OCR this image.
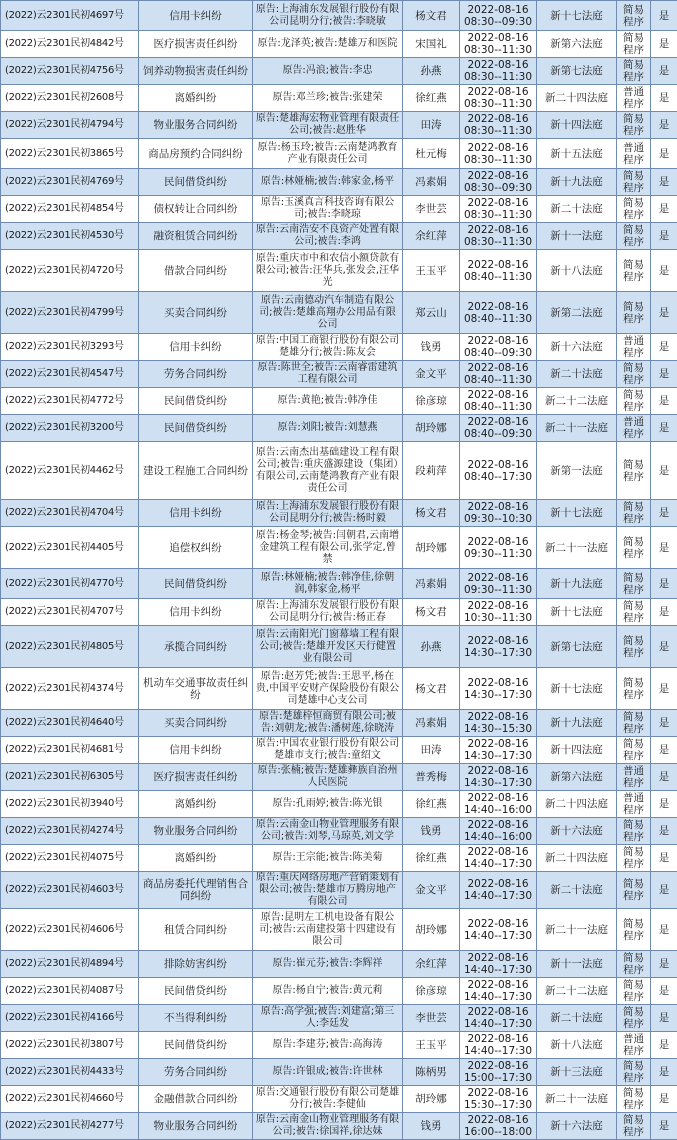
(2022)云2301民初4697号	信用卡纠纷	原告:上海浦东发展银行股份有限公司昆明分行;被告:李晓敏	杨文君	2022-08-16
08:30--09:30	新十七法庭	简易程序	是
(2022)云2301民初4842号	医疗损害责任纠纷	原告:龙泽英;被告:楚雄万和医院	宋国礼	2022-08-16
08:30--11:30	新第六法庭	简易程序	是
(2022)云2301民初4756号	饲养动物损害责任纠纷	原告:冯浪;被告:李忠	孙燕	2022-08-16
08:30--11:30	新第七法庭	简易程序	是
(2022)云2301民初2608号	离婚纠纷	原告:邓兰珍;被告:张建荣	徐红燕	2022-08-16
08:30--11:30	新二十四法庭	普通程序	是
(2022)云2301民初4794号	物业服务合同纠纷	原告:楚雄海宏物业管理有限责任公司;被告:赵胜华	田涛	2022-08-16
08:30--11:30	新十四法庭	简易程序	是
(2022)云2301民初3865号	商品房预约合同纠纷	原告:杨玉玲;被告:云南楚鸿教育产业有限责任公司	杜元梅	2022-08-16
08:30--11:30	新十五法庭	普通程序	是
(2022)云2301民初4769号	民间借贷纠纷	原告:林娅楠;被告:韩家金,杨平	冯素娟	2022-08-16
08:30--09:30	新十九法庭	简易程序	是
(2022)云2301民初4854号	债权转让合同纠纷	原告:玉溪真言科技咨询有限公司;被告:李晓琼	李世芸	2022-08-16
08:30--11:30	新二十法庭	简易程序	是
(2022)云2301民初4530号	融资租赁合同纠纷	原告:云南浩安不良资产处置有限公司;被告:李鸿	余红萍	2022-08-16
08:30--11:30	新十一法庭	简易程序	是
(2022)云2301民初4720号	借款合同纠纷	原告:重庆市中和农信小额贷款有限公司;被告:汪华兵,张发会,汪华光	王玉平	2022-08-16
08:40--11:30	新十八法庭	简易程序	是
(2022)云2301民初4799号	买卖合同纠纷	原告:云南德动汽车制造有限公司;被告:楚雄高翔办公用品有限公司	郑云山	2022-08-16
08:40--11:30	新第二法庭	简易程序	是
(2022)云2301民初3293号	信用卡纠纷	原告:中国工商银行股份有限公司楚雄分行;被告:陈友会	钱勇	2022-08-16
08:40--09:30	新十六法庭	普通程序	是
(2022)云2301民初4547号	劳务合同纠纷	原告:陈世全;被告:云南睿雷建筑工程有限公司	金文平	2022-08-16
08:40--11:30	新二十法庭	简易程序	是
(2022)云2301民初4772号	民间借贷纠纷	原告:黄艳;被告:韩净佳	徐彦琼	2022-08-16
08:40--11:30	新二十二法庭	简易程序	是
(2022)云2301民初3200号	民间借贷纠纷	原告:刘阳;被告:刘慧燕	胡玲娜	2022-08-16
08:40--09:30	新二十一法庭	普通程序	是
(2022)云2301民初4462号	建设工程施工合同纠纷	原告:云南杰出基础建设工程有限公司;被告:重庆盛源建设（集团）有限公司,云南楚鸿教育产业有限责任公司	段莉萍	2022-08-16
08:40--17:30	新第一法庭	简易程序	是
(2022)云2301民初4704号	信用卡纠纷	原告:上海浦东发展银行股份有限公司昆明分行;被告:杨时毅	杨文君	2022-08-16
09:30--10:30	新十七法庭	简易程序	是
(2022)云2301民初4405号	追偿权纠纷	原告:杨金琴;被告:闫朝君,云南增金建筑工程有限公司,张学定,曾禁	胡玲娜	2022-08-16
09:30--11:30	新二十一法庭	简易程序	是
(2022)云2301民初4770号	民间借贷纠纷	原告:林娅楠;被告:韩净佳,徐朝润,韩家金,杨平	冯素娟	2022-08-16
09:30--11:30	新十九法庭	简易程序	是
(2022)云2301民初4707号	信用卡纠纷	原告:上海浦东发展银行股份有限公司昆明分行;被告:杨正春	杨文君	2022-08-16
10:30--11:30	新十七法庭	简易程序	是
(2022)云2301民初4805号	承揽合同纠纷	原告:云南阳光门窗幕墙工程有限公司;被告:楚雄开发区天行健置业有限公司	孙燕	2022-08-16
14:30--17:30	新第七法庭	简易程序	是
(2022)云2301民初4374号	机动车交通事故责任纠纷	原告:赵芳凭;被告:王思平,杨在贵,中国平安财产保险股份有限公司楚雄中心支公司	杨文君	2022-08-16
14:30--17:30	新十七法庭	简易程序	是
(2022)云2301民初4640号	买卖合同纠纷	原告:楚雄梓恒商贸有限公司;被告:刘朝龙;被告:潘树莲,徐晓涛	冯素娟	2022-08-16
14:30--15:30	新十九法庭	简易程序	是
(2022)云2301民初4681号	信用卡纠纷	原告:中国农业银行股份有限公司楚雄市支行;被告:童绍文	田涛	2022-08-16
14:30--17:30	新十四法庭	简易程序	是
(2021)云2301民初6305号	医疗损害责任纠纷	原告:张楠;被告:楚雄彝族自治州人民医院	普秀梅	2022-08-16
14:30--17:30	新第六法庭	普通程序	是
(2022)云2301民初3940号	离婚纠纷	原告:孔雨婷;被告:陈光银	徐红燕	2022-08-16
14:40--16:00	新二十四法庭	普通程序	是
(2022)云2301民初4274号	物业服务合同纠纷	原告:云南金山物业管理服务有限公司;被告:刘琴,马琼英,刘文学	钱勇	2022-08-16
14:40--16:00	新十六法庭	简易程序	是
(2022)云2301民初4075号	离婚纠纷	原告:王宗能;被告:陈美菊	徐红燕	2022-08-16
14:40--17:30	新二十四法庭	简易程序	是
(2022)云2301民初4603号	商品房委托代理销售合同纠纷	原告:重庆网络房地产营销策划有限公司;被告:楚雄市万腾房地产有限公司	金文平	2022-08-16
14:40--17:30	新二十法庭	简易程序	是
(2022)云2301民初4606号	租赁合同纠纷	原告:昆明左工机电设备有限公司;被告:云南建投第十四建设有限公司	胡玲娜	2022-08-16
14:40--17:30	新二十一法庭	简易程序	是
(2022)云2301民初4894号	排除妨害纠纷	原告:崔元芬;被告:李辉祥	余红萍	2022-08-16
14:40--17:30	新十一法庭	简易程序	是
(2022)云2301民初4087号	民间借贷纠纷	原告:杨自宁;被告:黄元莉	徐彦琼	2022-08-16
14:40--17:30	新二十二法庭	简易程序	是
(2022)云2301民初4166号	不当得利纠纷	原告:高学强;被告:刘建富;第三人:李廷发	李世芸	2022-08-16
14:40--17:30	新二十法庭	简易程序	是
(2022)云2301民初3807号	民间借贷纠纷	原告:李建芬;被告:高海涛	王玉平	2022-08-16
14:40--17:30	新十八法庭	普通程序	是
(2022)云2301民初4433号	劳务合同纠纷	原告:许银成;被告:许世林	陈柄男	2022-08-16
15:00--17:30	新十三法庭	简易程序	是
(2022)云2301民初4660号	金融借款合同纠纷	原告:交通银行股份有限公司楚雄分行;被告:李健仙	胡玲娜	2022-08-16
15:30--17:30	新二十一法庭	简易程序	是
(2022)云2301民初4277号	物业服务合同纠纷	原告:云南金山物业管理服务有限公司;被告:徐国祥,徐达妹	钱勇	2022-08-16
16:00--18:00	新十六法庭	简易程序	是
